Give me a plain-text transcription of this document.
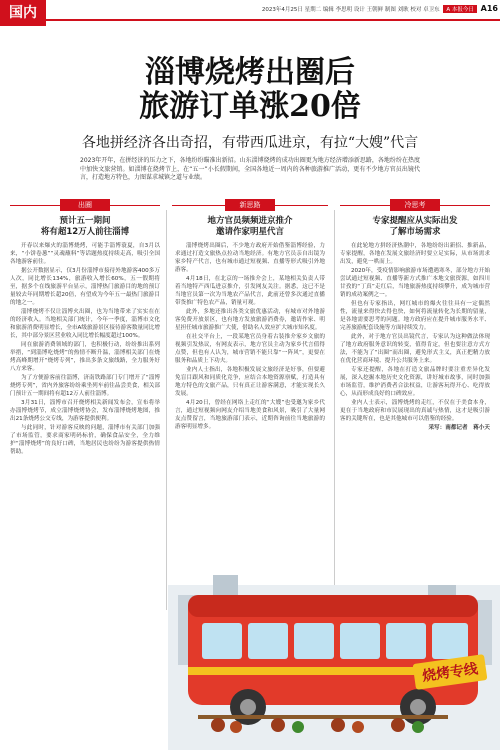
国内	2023年4月25日 星期二 编辑 李思明 设计 王朝鲜 制图 刘耿 校对 卓卫东 A 本报今日 A16
淄博烧烤出圈后
旅游订单涨20倍
各地拼经济各出奇招，有带西瓜进京，有拉“大嫂”代言
2023年开年，在拼经济的压力之下，各地纷纷瞄准出新招。山东淄博烧烤的成功出圈更为地方经济增添新思路，各地纷纷在热度中加快文旅营销。如淄博在烧烤节上，在“五一”小长假期间，全国各地近一周内的各种旅游推广活动，更有不少地方官员出镜代言，打造地方特色，力图谋求城镇之道与业绩。
出圈	新思路	冷思考
预计五一期间
将有超12万人前往淄博
地方官员频频进京推介
邀请作家明星代言
专家提醒应从实际出发
了解市场需求

开春以来爆火的淄博烧烤，可能手淄博蓑夏，自3月以来，“小饼卷葱”“灵魂蘸料”等话题热度持续走高，吸引全国各地游客前往。

据公开数据显示，仅3月份淄博市接待外地游客400多万人次，同比增长134%，旅游收入增长60%，五一假期将至，据多个在线旅游平台显示，淄博热门旅游目的地的预订量较去年同期增长超20倍，有望成为今年五一最热门旅游目的地之一。

淄博烧烤不仅让淄博火出圈，也为当地带来了实实在在的经济收入。当地相关部门统计，今年一季度，淄博市文化和旅游消费明显增长，全市A级旅游景区接待游客数量同比增长，其中部分景区营业收入同比增长幅度超过100%。

同在旅游消费领域的部门，也积极行动，纷纷推出系列举措，“到淄博吃烧烤”的热情不断升温，淄博相关部门在烧烤高峰期增开“烧烤专列”，推出多条文旅线路，全力服务好八方来客。

为了方便游客前往淄博，济南铁路部门专门增开了“淄博烧烤专列”，省内外旅客纷纷乘坐列车前往品尝美食，相关部门预计五一期间将有超12万人前往淄博。

3月31日，淄博市召开烧烤相关新闻发布会，宣布将举办淄博烧烤节，成立淄博烧烤协会，发布淄博烧烤地图，推出21条烧烤公交专线，为游客提供便利。

与此同时，针对游客反映的问题，淄博市有关部门加强了市场监管，要求商家明码标价，确保食品安全，全力维护“淄博烧烤”的良好口碑，当地居民也纷纷为游客提供热情帮助。

淄博烧烤出圈后，不少地方政府开始借鉴淄博经验，力求通过打造文旅热点拉动当地经济。有地方官员亲自出镜为家乡特产代言，也有城市通过短视频、直播等形式吸引外地游客。

4月18日，在北京的一场推介会上，某地相关负责人带着当地特产西瓜进京推介，引发网友关注。据悉，这已不是当地官员第一次为当地农产品代言，此前还曾多次通过直播带货推广特色农产品，销量可观。

此外，多地还推出各类文旅优惠活动，有城市对外地游客免费开放景区，也有地方发放旅游消费券，邀请作家、明星担任城市旅游推广大使，借助名人效应扩大城市知名度。

在社交平台上，一段某地官员身着古装推介家乡文旅的视频引发热议，有网友表示，地方官员主动为家乡代言值得点赞，但也有人认为，城市营销不能只靠“一阵风”，更要在服务和品质上下功夫。

业内人士指出，各地积极发展文旅经济是好事，但要避免盲目跟风和同质化竞争，应结合本地资源禀赋，打造具有地方特色的文旅产品，只有真正让游客满意，才能实现长久发展。

4月20日，曾经在网络上走红的“大嫂”也受邀为家乡代言，通过短视频向网友介绍当地美食和风景，吸引了大量网友点赞留言，当地旅游部门表示，近期咨询前往当地旅游的游客明显增多。

在此轮地方拼经济热潮中，各地纷纷出新招、推新品，专家提醒，各地在发展文旅经济时要立足实际，从市场需求出发，避免一哄而上。

2020年，受疫情影响旅游市场遭遇寒冬，部分地方开始尝试通过短视频、直播等新方式推广本地文旅资源，如四川甘孜的“丁真”走红后，当地旅游热度持续攀升，成为城市营销的成功案例之一。

但也有专家指出，网红城市的爆火往往具有一定偶然性，流量来得快去得也快，如何将流量转化为长期的留量，是各地需要思考的问题。地方政府应在提升城市服务水平、完善旅游配套设施等方面持续发力。

此外，对于地方官员出镜代言，专家认为这种做法体现了地方政府服务意识的转变，值得肯定，但也要注意方式方法，不能为了“出圈”而出圈，避免形式主义，真正把精力放在优化营商环境、提升公共服务上来。

专家还提醒，各地在打造文旅品牌时要注重差异化发展，深入挖掘本地历史文化资源，讲好城市故事，同时加强市场监管，维护消费者合法权益，让游客玩得开心、吃得放心，从而形成良好的口碑效应。

业内人士表示，淄博烧烤的走红，不仅在于美食本身，更在于当地政府和市民展现出的真诚与热情，这才是吸引游客的关键所在，也是其他城市可以借鉴的经验。

采写：南都记者　蒋小天

烧烤专线
